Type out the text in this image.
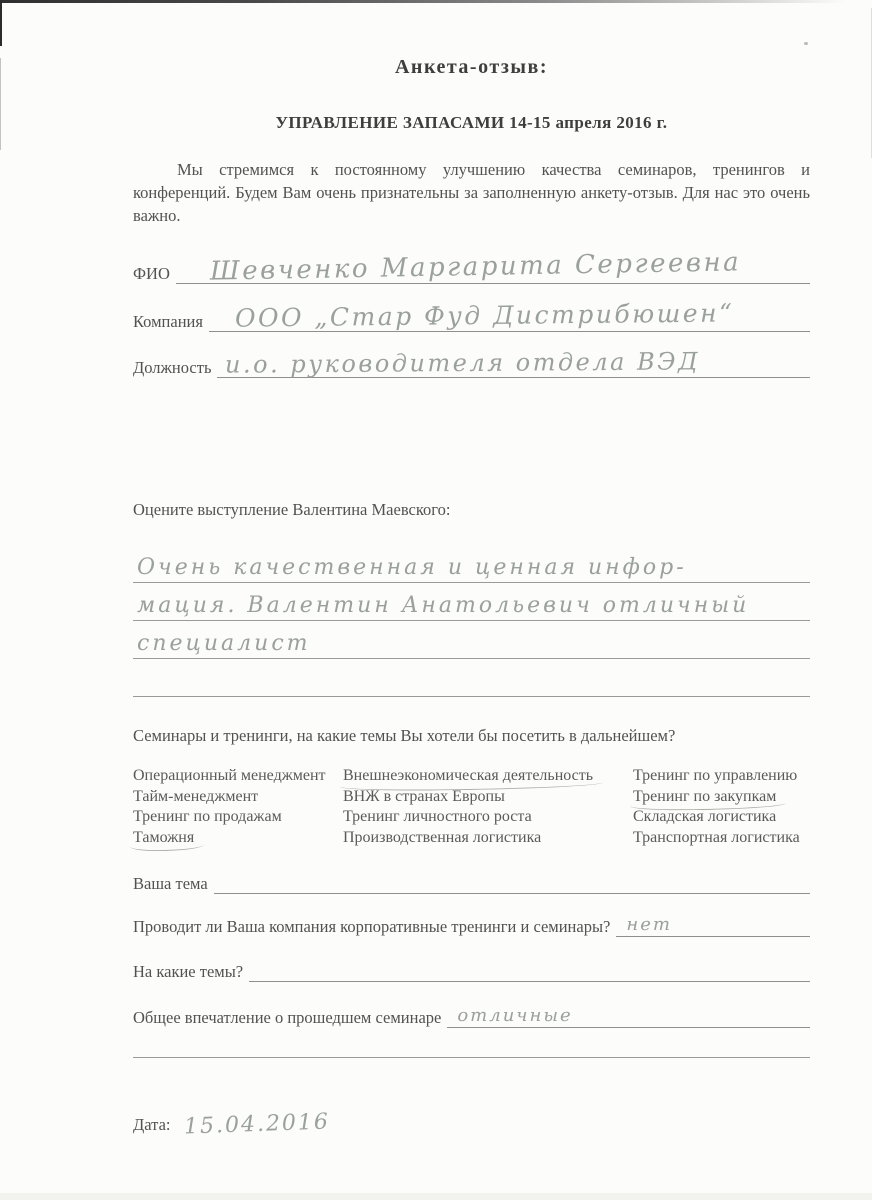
Анкета-отзыв:
УПРАВЛЕНИЕ ЗАПАСАМИ 14-15 апреля 2016 г.
Мы стремимся к постоянному улучшению качества семинаров, тренингов и конференций. Будем Вам очень признательны за заполненную анкету-отзыв. Для нас это очень важно.
ФИО Шевченко Маргарита Сергеевна
Компания ООО „Стар Фуд Дистрибюшен“
Должность и.о. руководителя отдела ВЭД
Оцените выступление Валентина Маевского:
Очень качественная и ценная инфор-
мация. Валентин Анатольевич отличный
специалист
Семинары и тренинги, на какие темы Вы хотели бы посетить в дальнейшем?
Операционный менеджмент
Тайм-менеджмент
Тренинг по продажам
Таможня
Внешнеэкономическая деятельность
ВНЖ в странах Европы
Тренинг личностного роста
Производственная логистика
Тренинг по управлению
Тренинг по закупкам
Складская логистика
Транспортная логистика
Ваша тема
Проводит ли Ваша компания корпоративные тренинги и семинары? нет
На какие темы?
Общее впечатление о прошедшем семинаре отличные
Дата: 15.04.2016
